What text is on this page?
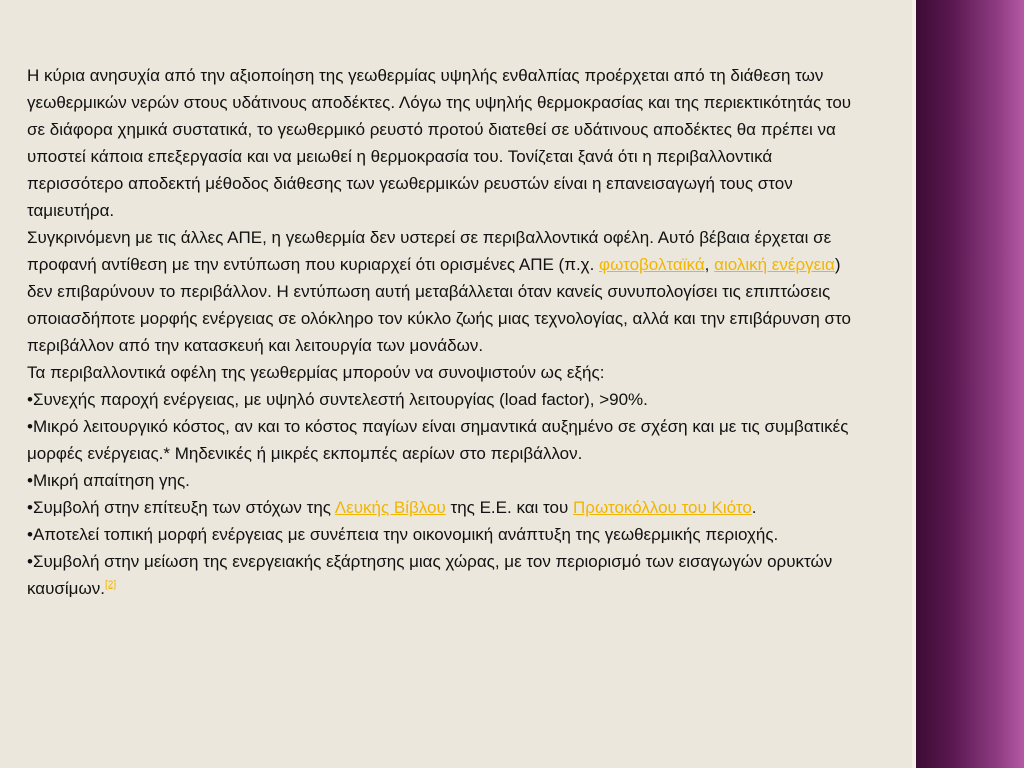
Η κύρια ανησυχία από την αξιοποίηση της γεωθερμίας υψηλής ενθαλπίας προέρχεται από τη διάθεση των γεωθερμικών νερών στους υδάτινους αποδέκτες. Λόγω της υψηλής θερμοκρασίας και της περιεκτικότητάς του σε διάφορα χημικά συστατικά, το γεωθερμικό ρευστό προτού διατεθεί σε υδάτινους αποδέκτες θα πρέπει να υποστεί κάποια επεξεργασία και να μειωθεί η θερμοκρασία του. Τονίζεται ξανά ότι η περιβαλλοντικά περισσότερο αποδεκτή μέθοδος διάθεσης των γεωθερμικών ρευστών είναι η επανεισαγωγή τους στον ταμιευτήρα.

Συγκρινόμενη με τις άλλες ΑΠΕ, η γεωθερμία δεν υστερεί σε περιβαλλοντικά οφέλη. Αυτό βέβαια έρχεται σε προφανή αντίθεση με την εντύπωση που κυριαρχεί ότι ορισμένες ΑΠΕ (π.χ. φωτοβολταϊκά, αιολική ενέργεια) δεν επιβαρύνουν το περιβάλλον. Η εντύπωση αυτή μεταβάλλεται όταν κανείς συνυπολογίσει τις επιπτώσεις οποιασδήποτε μορφής ενέργειας σε ολόκληρο τον κύκλο ζωής μιας τεχνολογίας, αλλά και την επιβάρυνση στο περιβάλλον από την κατασκευή και λειτουργία των μονάδων.

Τα περιβαλλοντικά οφέλη της γεωθερμίας μπορούν να συνοψιστούν ως εξής:

•Συνεχής παροχή ενέργειας, με υψηλό συντελεστή λειτουργίας (load factor), >90%.

•Μικρό λειτουργικό κόστος, αν και το κόστος παγίων είναι σημαντικά αυξημένο σε σχέση και με τις συμβατικές μορφές ενέργειας.* Μηδενικές ή μικρές εκπομπές αερίων στο περιβάλλον.

•Μικρή απαίτηση γης.

•Συμβολή στην επίτευξη των στόχων της Λευκής Βίβλου της Ε.Ε. και του Πρωτοκόλλου του Κιότο.

•Αποτελεί τοπική μορφή ενέργειας με συνέπεια την οικονομική ανάπτυξη της γεωθερμικής περιοχής.

•Συμβολή στην μείωση της ενεργειακής εξάρτησης μιας χώρας, με τον περιορισμό των εισαγωγών ορυκτών καυσίμων.[2]
